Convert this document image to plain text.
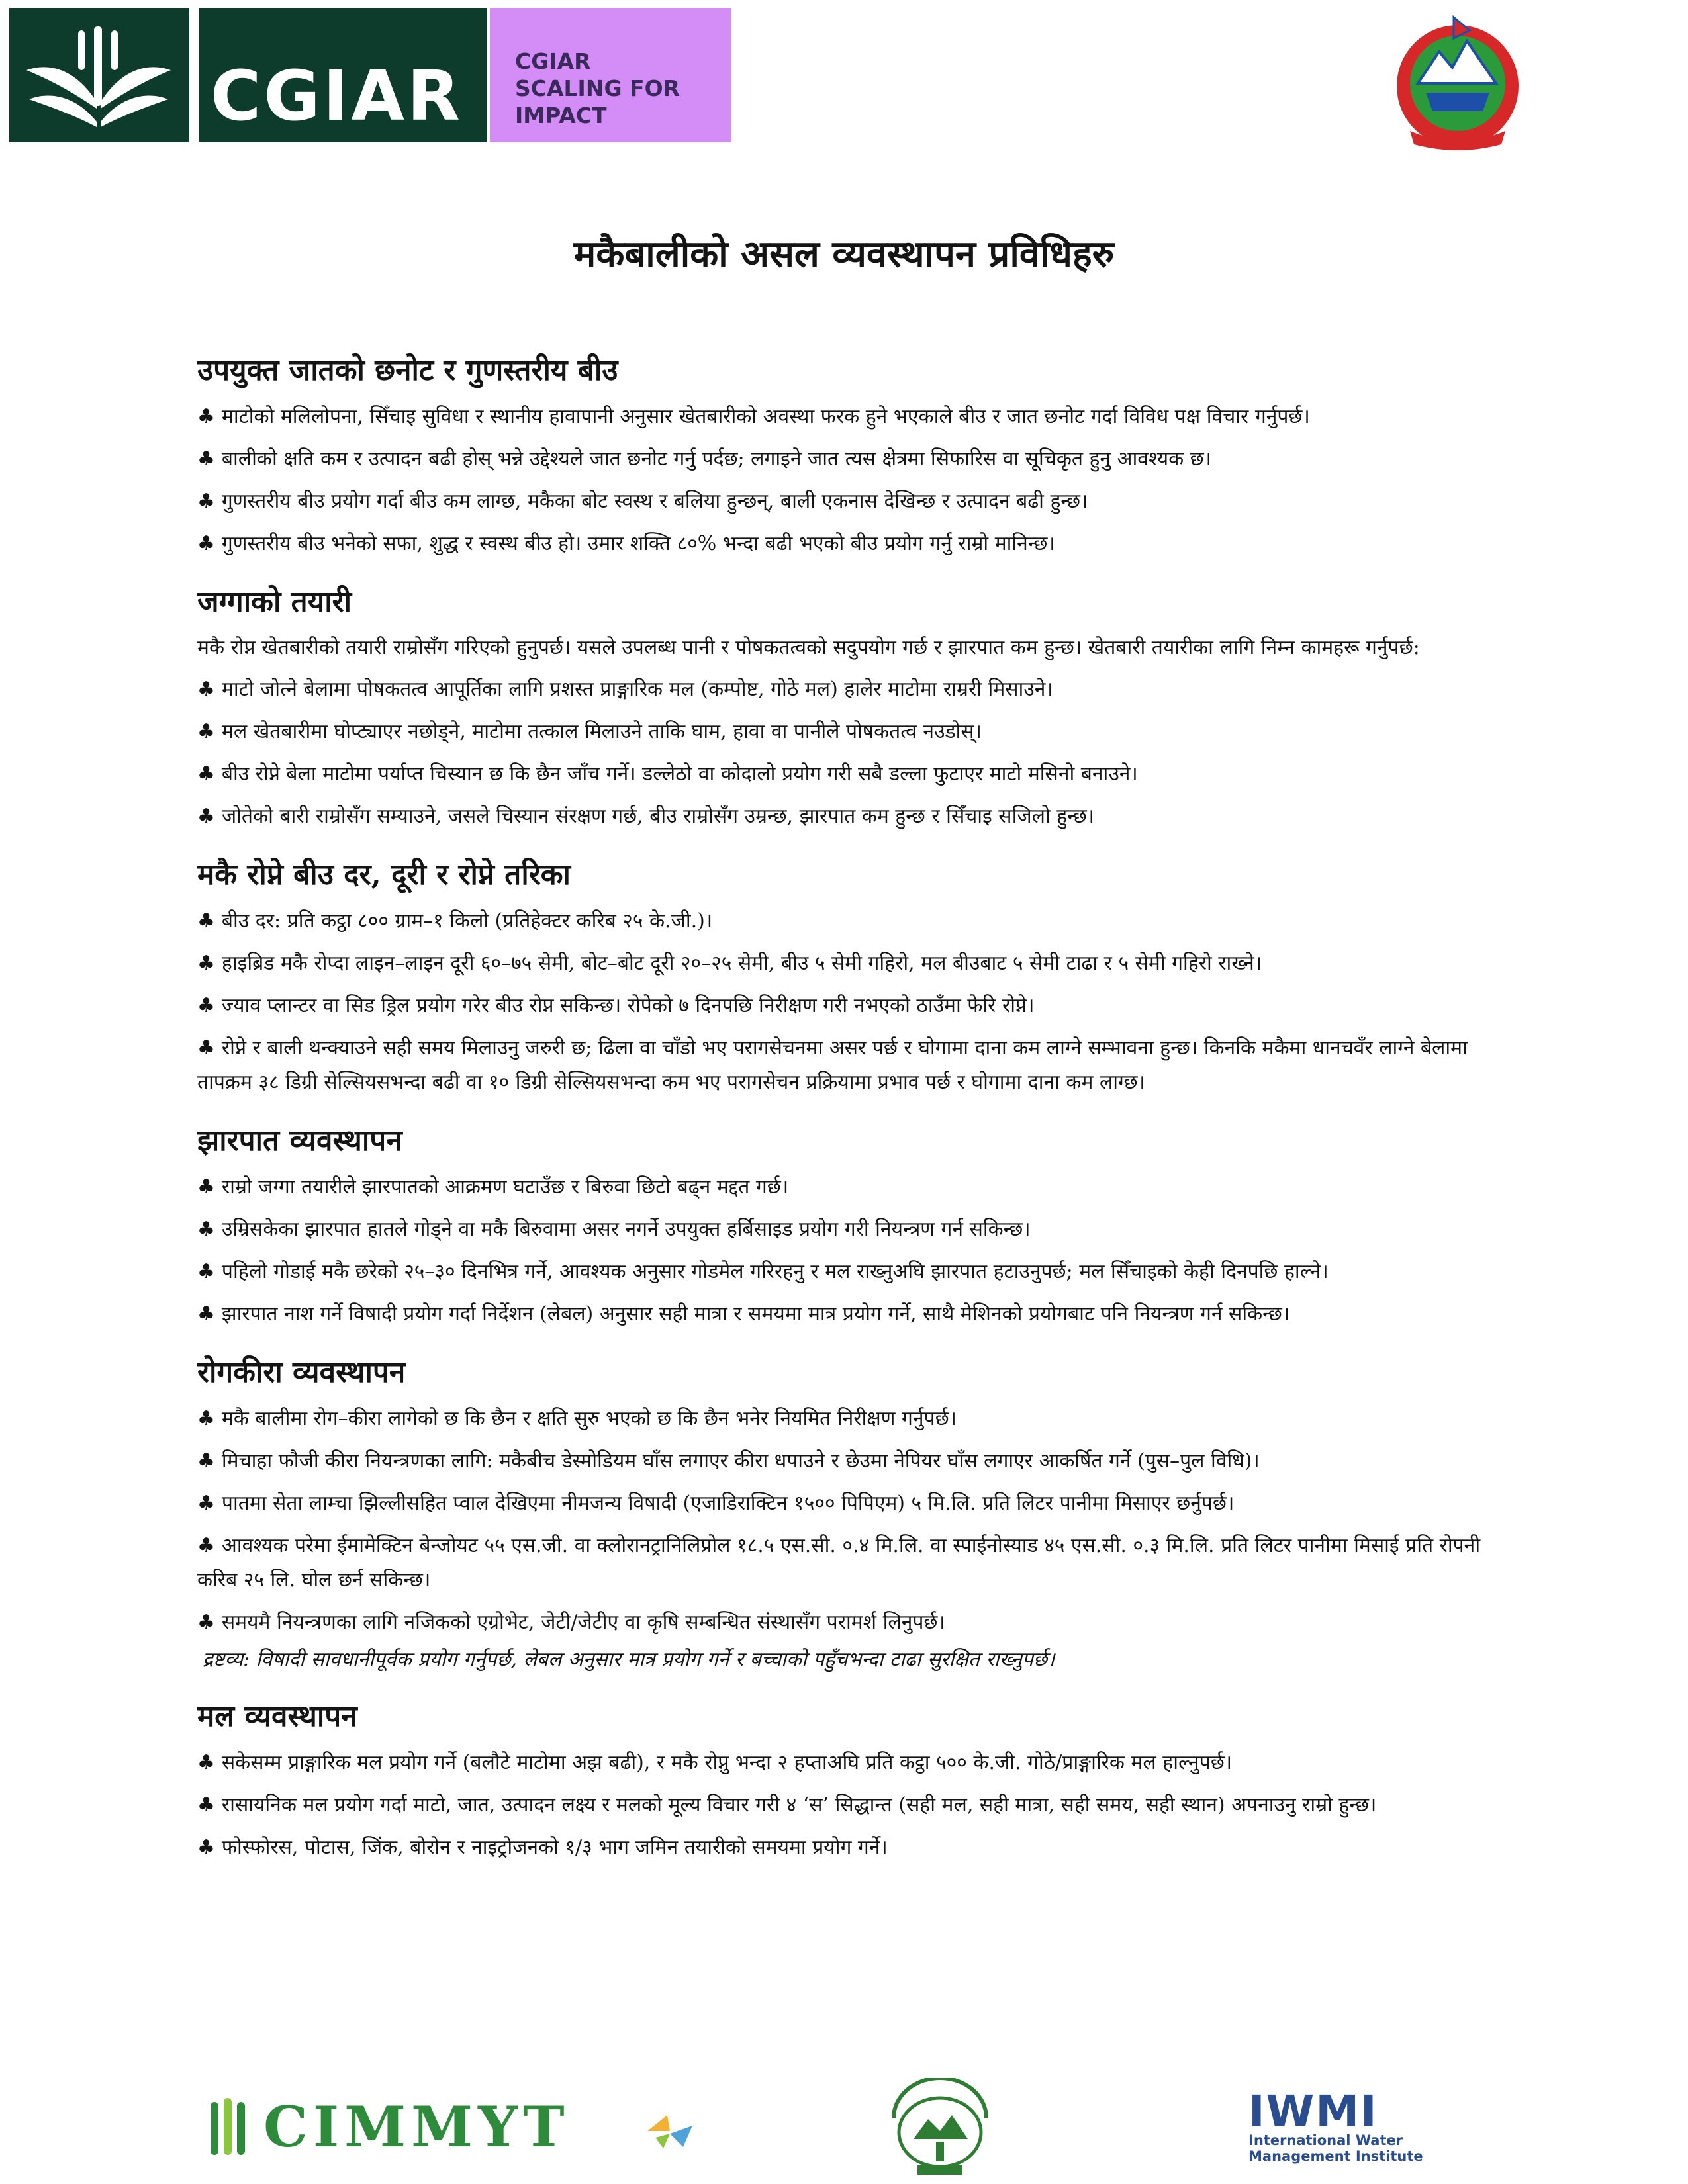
CGIAR CGIAR
SCALING FOR
IMPACT
मकैबालीको असल व्यवस्थापन प्रविधिहरु
उपयुक्त जातको छनोट र गुणस्तरीय बीउ
♣ माटोको मलिलोपना, सिँचाइ सुविधा र स्थानीय हावापानी अनुसार खेतबारीको अवस्था फरक हुने भएकाले बीउ र जात छनोट गर्दा विविध पक्ष विचार गर्नुपर्छ।
♣ बालीको क्षति कम र उत्पादन बढी होस् भन्ने उद्देश्यले जात छनोट गर्नु पर्दछ; लगाइने जात त्यस क्षेत्रमा सिफारिस वा सूचिकृत हुनु आवश्यक छ।
♣ गुणस्तरीय बीउ प्रयोग गर्दा बीउ कम लाग्छ, मकैका बोट स्वस्थ र बलिया हुन्छन्, बाली एकनास देखिन्छ र उत्पादन बढी हुन्छ।
♣ गुणस्तरीय बीउ भनेको सफा, शुद्ध र स्वस्थ बीउ हो। उमार शक्ति ८०% भन्दा बढी भएको बीउ प्रयोग गर्नु राम्रो मानिन्छ।
जग्गाको तयारी
मकै रोप्न खेतबारीको तयारी राम्रोसँग गरिएको हुनुपर्छ। यसले उपलब्ध पानी र पोषकतत्वको सदुपयोग गर्छ र झारपात कम हुन्छ। खेतबारी तयारीका लागि निम्न कामहरू गर्नुपर्छ:
♣ माटो जोत्ने बेलामा पोषकतत्व आपूर्तिका लागि प्रशस्त प्राङ्गारिक मल (कम्पोष्ट, गोठे मल) हालेर माटोमा राम्ररी मिसाउने।
♣ मल खेतबारीमा घोप्ट्याएर नछोड्ने, माटोमा तत्काल मिलाउने ताकि घाम, हावा वा पानीले पोषकतत्व नउडोस्।
♣ बीउ रोप्ने बेला माटोमा पर्याप्त चिस्यान छ कि छैन जाँच गर्ने। डल्लेठो वा कोदालो प्रयोग गरी सबै डल्ला फुटाएर माटो मसिनो बनाउने।
♣ जोतेको बारी राम्रोसँग सम्याउने, जसले चिस्यान संरक्षण गर्छ, बीउ राम्रोसँग उम्रन्छ, झारपात कम हुन्छ र सिँचाइ सजिलो हुन्छ।
मकै रोप्ने बीउ दर, दूरी र रोप्ने तरिका
♣ बीउ दर: प्रति कट्ठा ८०० ग्राम–१ किलो (प्रतिहेक्टर करिब २५ के.जी.)।
♣ हाइब्रिड मकै रोप्दा लाइन–लाइन दूरी ६०–७५ सेमी, बोट–बोट दूरी २०–२५ सेमी, बीउ ५ सेमी गहिरो, मल बीउबाट ५ सेमी टाढा र ५ सेमी गहिरो राख्ने।
♣ ज्याव प्लान्टर वा सिड ड्रिल प्रयोग गरेर बीउ रोप्न सकिन्छ। रोपेको ७ दिनपछि निरीक्षण गरी नभएको ठाउँमा फेरि रोप्ने।
♣ रोप्ने र बाली थन्क्याउने सही समय मिलाउनु जरुरी छ; ढिला वा चाँडो भए परागसेचनमा असर पर्छ र घोगामा दाना कम लाग्ने सम्भावना हुन्छ। किनकि मकैमा धानचवँर लाग्ने बेलामा तापक्रम ३८ डिग्री सेल्सियसभन्दा बढी वा १० डिग्री सेल्सियसभन्दा कम भए परागसेचन प्रक्रियामा प्रभाव पर्छ र घोगामा दाना कम लाग्छ।
झारपात व्यवस्थापन
♣ राम्रो जग्गा तयारीले झारपातको आक्रमण घटाउँछ र बिरुवा छिटो बढ्न मद्दत गर्छ।
♣ उम्रिसकेका झारपात हातले गोड्ने वा मकै बिरुवामा असर नगर्ने उपयुक्त हर्बिसाइड प्रयोग गरी नियन्त्रण गर्न सकिन्छ।
♣ पहिलो गोडाई मकै छरेको २५–३० दिनभित्र गर्ने, आवश्यक अनुसार गोडमेल गरिरहनु र मल राख्नुअघि झारपात हटाउनुपर्छ; मल सिँचाइको केही दिनपछि हाल्ने।
♣ झारपात नाश गर्ने विषादी प्रयोग गर्दा निर्देशन (लेबल) अनुसार सही मात्रा र समयमा मात्र प्रयोग गर्ने, साथै मेशिनको प्रयोगबाट पनि नियन्त्रण गर्न सकिन्छ।
रोगकीरा व्यवस्थापन
♣ मकै बालीमा रोग–कीरा लागेको छ कि छैन र क्षति सुरु भएको छ कि छैन भनेर नियमित निरीक्षण गर्नुपर्छ।
♣ मिचाहा फौजी कीरा नियन्त्रणका लागि: मकैबीच डेस्मोडियम घाँस लगाएर कीरा धपाउने र छेउमा नेपियर घाँस लगाएर आकर्षित गर्ने (पुस–पुल विधि)।
♣ पातमा सेता लाम्चा झिल्लीसहित प्वाल देखिएमा नीमजन्य विषादी (एजाडिराक्टिन १५०० पिपिएम) ५ मि.लि. प्रति लिटर पानीमा मिसाएर छर्नुपर्छ।
♣ आवश्यक परेमा ईमामेक्टिन बेन्जोयट ५५ एस.जी. वा क्लोरानट्रानिलिप्रोल १८.५ एस.सी. ०.४ मि.लि. वा स्पाईनोस्याड ४५ एस.सी. ०.३ मि.लि. प्रति लिटर पानीमा मिसाई प्रति रोपनी करिब २५ लि. घोल छर्न सकिन्छ।
♣ समयमै नियन्त्रणका लागि नजिकको एग्रोभेट, जेटी/जेटीए वा कृषि सम्बन्धित संस्थासँग परामर्श लिनुपर्छ।
द्रष्टव्य: विषादी सावधानीपूर्वक प्रयोग गर्नुपर्छ, लेबल अनुसार मात्र प्रयोग गर्ने र बच्चाको पहुँचभन्दा टाढा सुरक्षित राख्नुपर्छ।
मल व्यवस्थापन
♣ सकेसम्म प्राङ्गारिक मल प्रयोग गर्ने (बलौटे माटोमा अझ बढी), र मकै रोप्नु भन्दा २ हप्ताअघि प्रति कट्ठा ५०० के.जी. गोठे/प्राङ्गारिक मल हाल्नुपर्छ।
♣ रासायनिक मल प्रयोग गर्दा माटो, जात, उत्पादन लक्ष्य र मलको मूल्य विचार गरी ४ ‘स’ सिद्धान्त (सही मल, सही मात्रा, सही समय, सही स्थान) अपनाउनु राम्रो हुन्छ।
♣ फोस्फोरस, पोटास, जिंक, बोरोन र नाइट्रोजनको १/३ भाग जमिन तयारीको समयमा प्रयोग गर्ने।
CIMMYT	IWMI
International Water
Management Institute
